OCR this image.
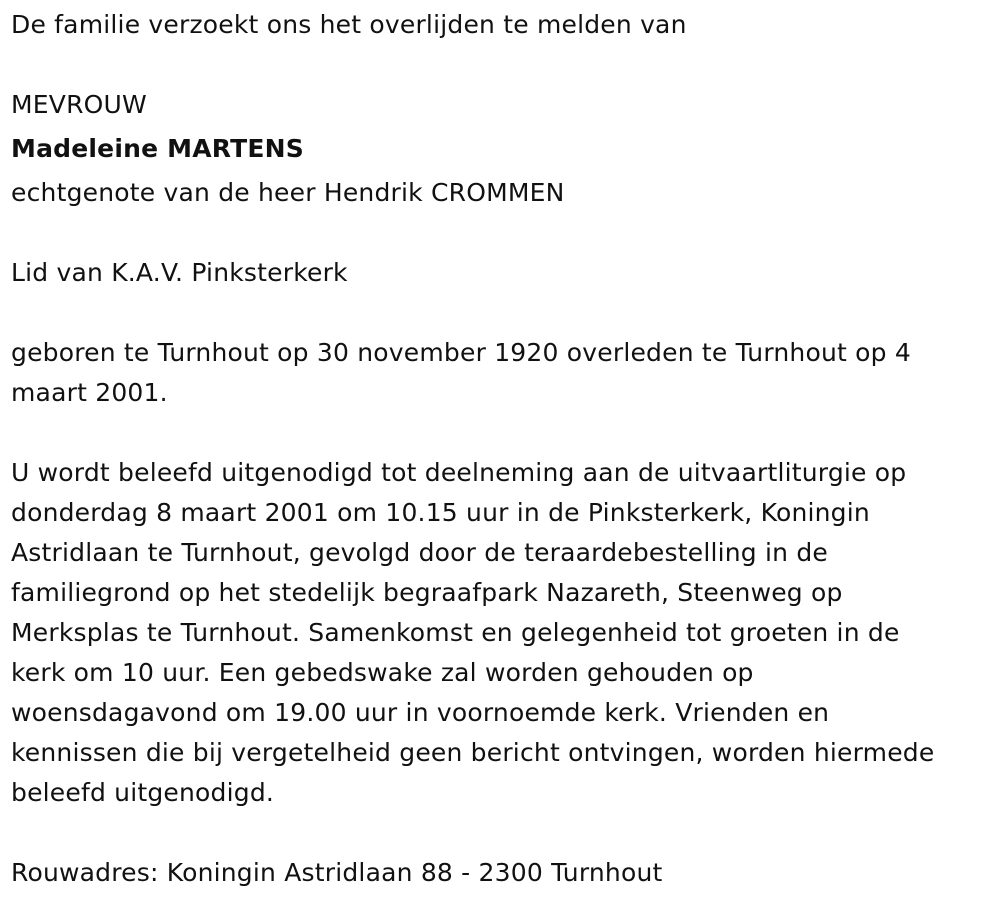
De familie verzoekt ons het overlijden te melden van
MEVROUW
Madeleine MARTENS
echtgenote van de heer Hendrik CROMMEN
Lid van K.A.V. Pinksterkerk
geboren te Turnhout op 30 november 1920 overleden te Turnhout op 4
maart 2001.
U wordt beleefd uitgenodigd tot deelneming aan de uitvaartliturgie op
donderdag 8 maart 2001 om 10.15 uur in de Pinksterkerk, Koningin
Astridlaan te Turnhout, gevolgd door de teraardebestelling in de
familiegrond op het stedelijk begraafpark Nazareth, Steenweg op
Merksplas te Turnhout. Samenkomst en gelegenheid tot groeten in de
kerk om 10 uur. Een gebedswake zal worden gehouden op
woensdagavond om 19.00 uur in voornoemde kerk. Vrienden en
kennissen die bij vergetelheid geen bericht ontvingen, worden hiermede
beleefd uitgenodigd.
Rouwadres: Koningin Astridlaan 88 - 2300 Turnhout
